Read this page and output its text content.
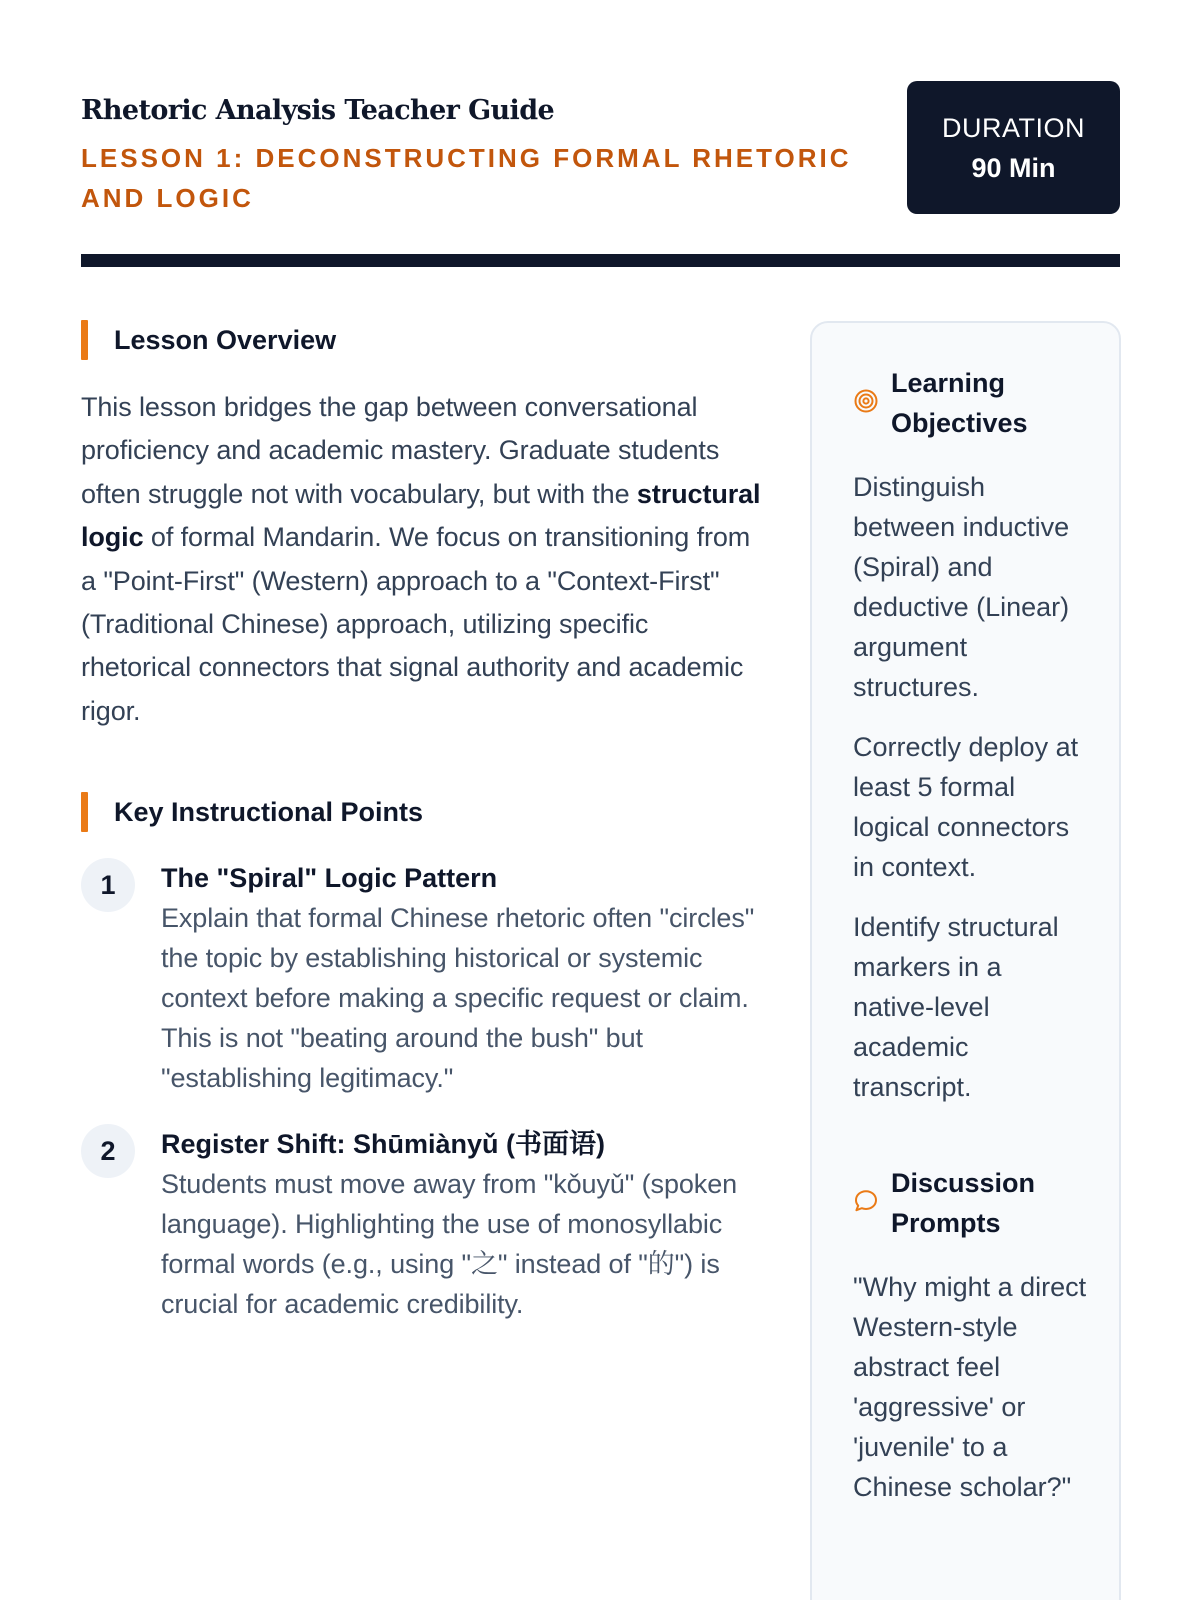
Rhetoric Analysis Teacher Guide
LESSON 1: DECONSTRUCTING FORMAL RHETORIC AND LOGIC
DURATION
90 Min
Lesson Overview

This lesson bridges the gap between conversational proficiency and academic mastery. Graduate students often struggle not with vocabulary, but with the structural logic of formal Mandarin. We focus on transitioning from a "Point-First" (Western) approach to a "Context-First" (Traditional Chinese) approach, utilizing specific rhetorical connectors that signal authority and academic rigor.

Key Instructional Points
1	The "Spiral" Logic Pattern
Explain that formal Chinese rhetoric often "circles" the topic by establishing historical or systemic context before making a specific request or claim. This is not "beating around the bush" but "establishing legitimacy."
2	Register Shift: Shūmiànyǔ (书面语)
Students must move away from "kǒuyǔ" (spoken language). Highlighting the use of monosyllabic formal words (e.g., using "之" instead of "的") is crucial for academic credibility.
Learning Objectives
Distinguish between inductive (Spiral) and deductive (Linear) argument structures.
Correctly deploy at least 5 formal logical connectors in context.
Identify structural markers in a native-level academic transcript.
Discussion Prompts

"Why might a direct Western-style abstract feel 'aggressive' or 'juvenile' to a Chinese scholar?"
